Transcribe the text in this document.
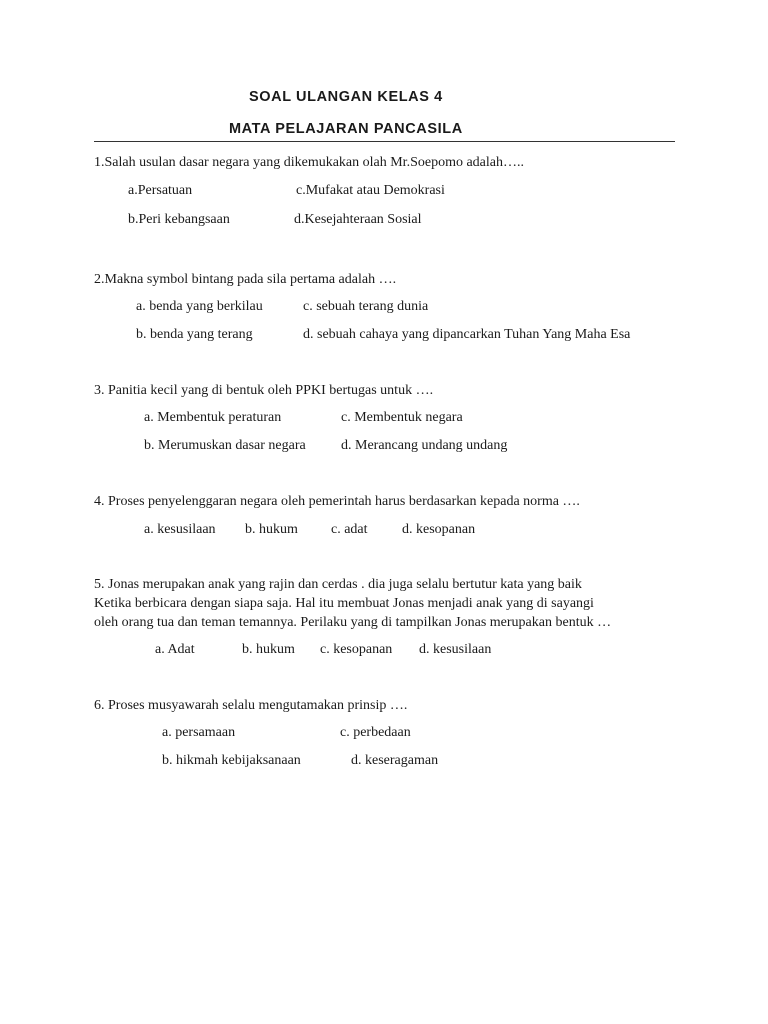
SOAL ULANGAN KELAS 4
MATA PELAJARAN PANCASILA
1.Salah usulan dasar negara yang dikemukakan olah Mr.Soepomo adalah…..
a.Persatuan	c.Mufakat atau Demokrasi
b.Peri kebangsaan	d.Kesejahteraan Sosial
2.Makna symbol bintang pada sila pertama adalah ….
a. benda yang berkilau	c. sebuah terang dunia
b. benda yang terang	d. sebuah cahaya yang dipancarkan Tuhan Yang Maha Esa
3. Panitia kecil yang di bentuk oleh PPKI bertugas untuk ….
a. Membentuk peraturan	c. Membentuk negara
b. Merumuskan dasar negara	d. Merancang undang undang
4. Proses penyelenggaran negara oleh pemerintah harus berdasarkan kepada norma ….
a. kesusilaan b. hukum c. adat d. kesopanan
5. Jonas merupakan anak yang rajin dan cerdas . dia juga selalu bertutur kata yang baik
Ketika berbicara dengan siapa saja. Hal itu membuat Jonas menjadi anak yang di sayangi
oleh orang tua dan teman temannya. Perilaku yang di tampilkan Jonas merupakan bentuk …
a. Adat	b. hukum c. kesopanan d. kesusilaan
6. Proses musyawarah selalu mengutamakan prinsip ….
a. persamaan	c. perbedaan
b. hikmah kebijaksanaan	d. keseragaman
